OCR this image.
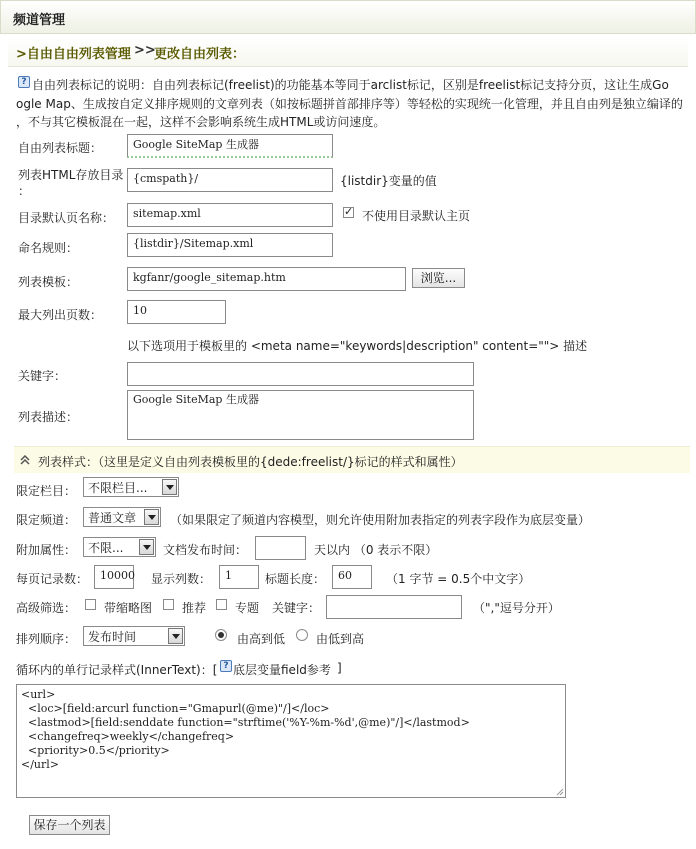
频道管理
>自由自由列表管理 >>
更改自由列表：
? 自由列表标记的说明：自由列表标记(freelist)的功能基本等同于arclist标记，区别是freelist标记支持分页，这让生成Go
ogle Map、生成按自定义排序规则的文章列表（如按标题拼首部排序等）等轻松的实现统一化管理，并且自由列是独立编译的
，不与其它模板混在一起，这样不会影响系统生成HTML或访问速度。
自由列表标题：	Google SiteMap 生成器
列表HTML存放目录
：
{cmspath}/	{listdir}变量的值
目录默认页名称：	sitemap.xml
✓	不使用目录默认主页
命名规则：	{listdir}/Sitemap.xml
列表模板：	kgfanr/google_sitemap.htm	浏览...
最大列出页数：	10
以下选项用于模板里的 <meta name="keywords|description" content=""> 描述
关键字：
列表描述：
Google SiteMap 生成器
列表样式：（这里是定义自由列表模板里的{dede:freelist/}标记的样式和属性）
限定栏目： 不限栏目...
限定频道： 普通文章	（如果限定了频道内容模型，则允许使用附加表指定的列表字段作为底层变量）
附加属性： 不限...	文档发布时间：	天以内 （0 表示不限）
每页记录数：	10000 显示列数：	1	标题长度：	60	（1 字节 = 0.5个中文字）
高级筛选： 带缩略图 推荐 专题 关键字：	（","逗号分开）
排列顺序： 发布时间	由高到低	由低到高
循环内的单行记录样式(InnerText)：[ ? 底层变量field参考 ]
<url>
<loc>[field:arcurl function="Gmapurl(@me)"/]</loc>
<lastmod>[field:senddate function="strftime('%Y-%m-%d',@me)"/]</lastmod>
<changefreq>weekly</changefreq>
<priority>0.5</priority>
</url>
保存一个列表
